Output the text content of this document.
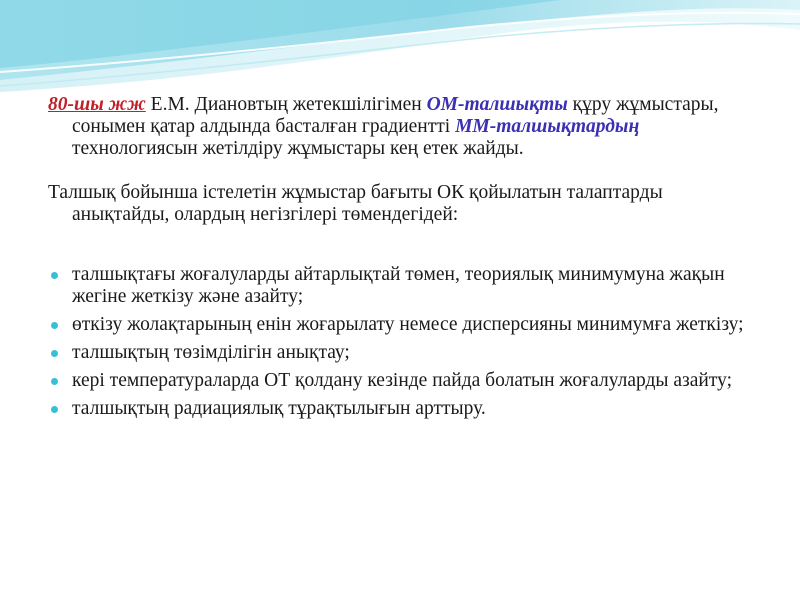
80-шы жж Е.М. Диановтың жетекшілігімен ОМ-талшықты құру жұмыстары, сонымен қатар алдында басталған градиентті ММ-талшықтардың технологиясын жетілдіру жұмыстары кең етек жайды.

Талшық бойынша істелетін жұмыстар бағыты ОК қойылатын талаптарды анықтайды, олардың негізгілері төмендегідей:

талшықтағы жоғалуларды айтарлықтай төмен, теориялық минимумуна жақын жегіне жеткізу және азайту;
өткізу жолақтарының енін жоғарылату немесе дисперсияны минимумға жеткізу;
талшықтың төзімділігін анықтау;
кері температураларда ОТ қолдану кезінде пайда болатын жоғалуларды азайту;
талшықтың радиациялық тұрақтылығын арттыру.
